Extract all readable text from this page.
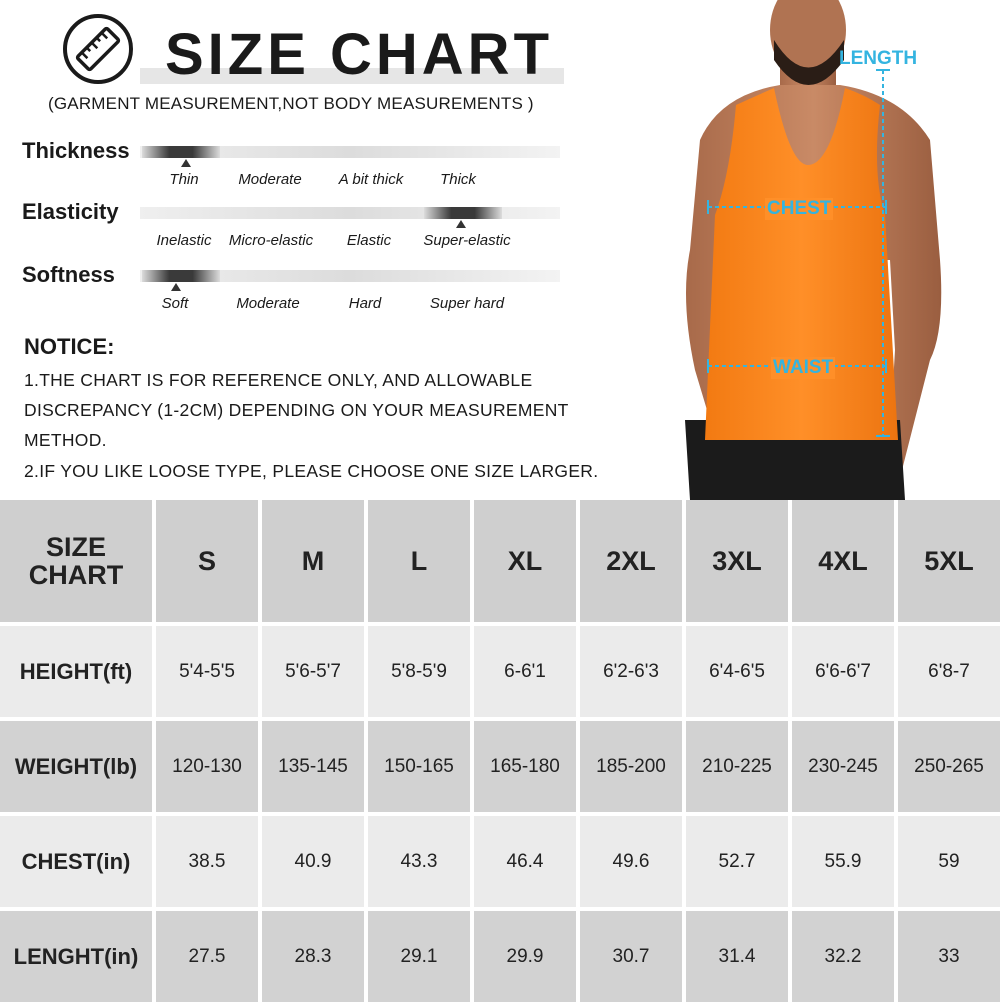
SIZE CHART
(GARMENT MEASUREMENT,NOT BODY MEASUREMENTS )
Thickness
Thin	Moderate A bit thick Thick
Elasticity
Inelastic Micro-elastic Elastic Super-elastic
Softness
Soft	Moderate	Hard	Super hard
NOTICE:
1.THE CHART IS FOR REFERENCE ONLY, AND ALLOWABLE
DISCREPANCY (1-2CM) DEPENDING ON YOUR MEASUREMENT
METHOD.
2.IF YOU LIKE LOOSE TYPE, PLEASE CHOOSE ONE SIZE LARGER.
LENGTH
CHEST
WAIST
SIZE
CHART	S	M	L	XL	2XL	3XL	4XL	5XL
HEIGHT(ft)	5'4-5'5	5'6-5'7	5'8-5'9	6-6'1	6'2-6'3	6'4-6'5	6'6-6'7	6'8-7
WEIGHT(lb)	120-130	135-145	150-165	165-180	185-200	210-225	230-245	250-265
CHEST(in)	38.5	40.9	43.3	46.4	49.6	52.7	55.9	59
LENGHT(in)	27.5	28.3	29.1	29.9	30.7	31.4	32.2	33
